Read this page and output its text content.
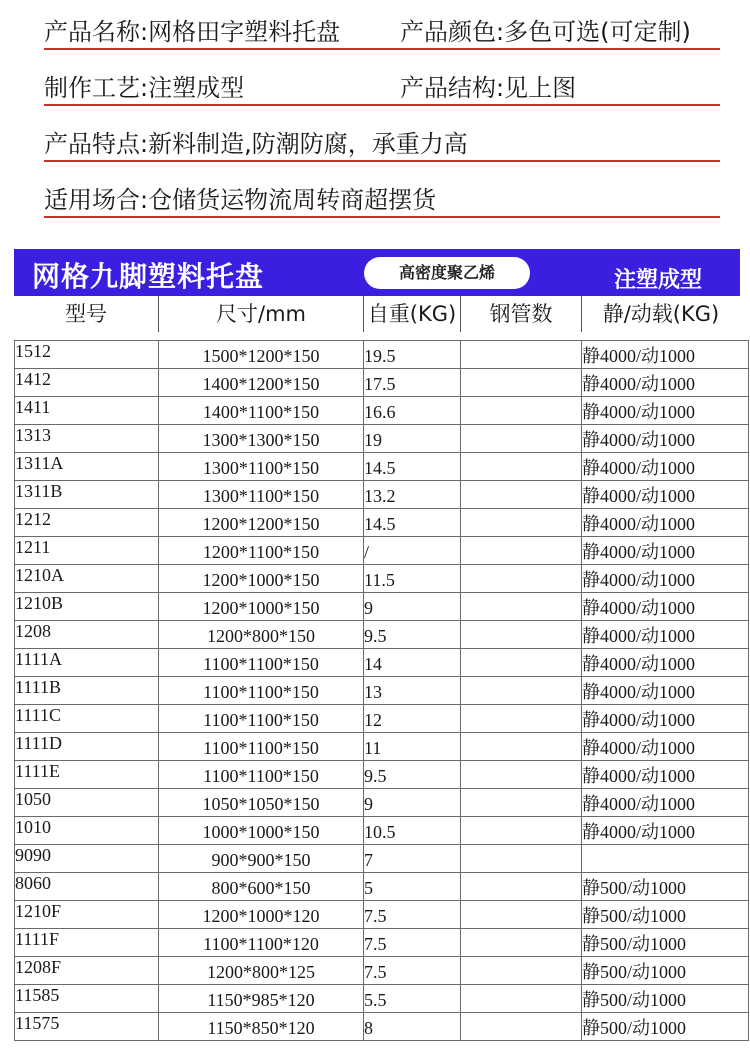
产品名称:网格田字塑料托盘 产品颜色:多色可选(可定制)
制作工艺:注塑成型	产品结构:见上图
产品特点:新料制造,防潮防腐，承重力高
适用场合:仓储货运物流周转商超摆货
网格九脚塑料托盘	高密度聚乙烯	注塑成型
型号	尺寸/mm	自重(KG)	钢管数	静/动载(KG)
1512	1500*1200*150	19.5		静4000/动1000
1412	1400*1200*150	17.5		静4000/动1000
1411	1400*1100*150	16.6		静4000/动1000
1313	1300*1300*150	19		静4000/动1000
1311A	1300*1100*150	14.5		静4000/动1000
1311B	1300*1100*150	13.2		静4000/动1000
1212	1200*1200*150	14.5		静4000/动1000
1211	1200*1100*150	/		静4000/动1000
1210A	1200*1000*150	11.5		静4000/动1000
1210B	1200*1000*150	9		静4000/动1000
1208	1200*800*150	9.5		静4000/动1000
1111A	1100*1100*150	14		静4000/动1000
1111B	1100*1100*150	13		静4000/动1000
1111C	1100*1100*150	12		静4000/动1000
1111D	1100*1100*150	11		静4000/动1000
1111E	1100*1100*150	9.5		静4000/动1000
1050	1050*1050*150	9		静4000/动1000
1010	1000*1000*150	10.5		静4000/动1000
9090	900*900*150	7		
8060	800*600*150	5		静500/动1000
1210F	1200*1000*120	7.5		静500/动1000
1111F	1100*1100*120	7.5		静500/动1000
1208F	1200*800*125	7.5		静500/动1000
11585	1150*985*120	5.5		静500/动1000
11575	1150*850*120	8		静500/动1000
